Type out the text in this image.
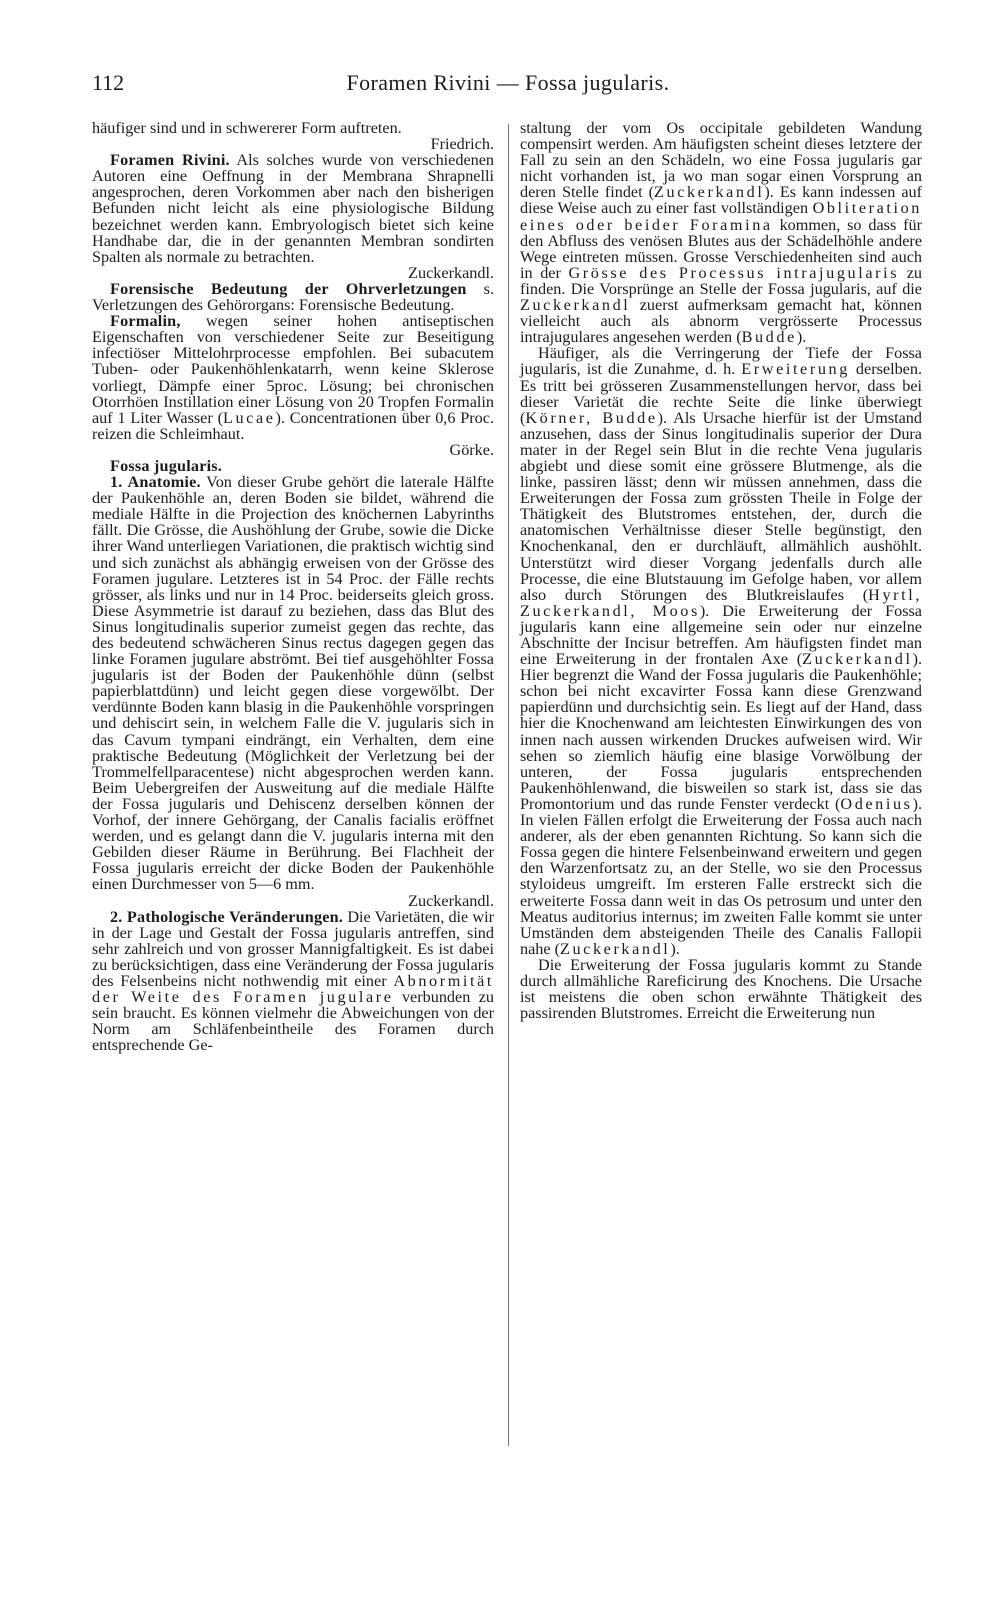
112	Foramen Rivini — Fossa jugularis.

häufiger sind und in schwererer Form auftreten.

Friedrich.

Foramen Rivini. Als solches wurde von verschiedenen Autoren eine Oeffnung in der Membrana Shrapnelli angesprochen, deren Vorkommen aber nach den bisherigen Befunden nicht leicht als eine physiologische Bildung bezeichnet werden kann. Embryologisch bietet sich keine Handhabe dar, die in der genannten Membran sondirten Spalten als normale zu betrachten.

Zuckerkandl.

Forensische Bedeutung der Ohrverletzungen s. Verletzungen des Gehörorgans: Forensische Bedeutung.

Formalin, wegen seiner hohen antiseptischen Eigenschaften von verschiedener Seite zur Beseitigung infectiöser Mittelohrprocesse empfohlen. Bei subacutem Tuben- oder Paukenhöhlenkatarrh, wenn keine Sklerose vorliegt, Dämpfe einer 5proc. Lösung; bei chronischen Otorrhöen Instillation einer Lösung von 20 Tropfen Formalin auf 1 Liter Wasser (Lucae). Concentrationen über 0,6 Proc. reizen die Schleimhaut.

Görke.

Fossa jugularis.

1. Anatomie. Von dieser Grube gehört die laterale Hälfte der Paukenhöhle an, deren Boden sie bildet, während die mediale Hälfte in die Projection des knöchernen Labyrinths fällt. Die Grösse, die Aushöhlung der Grube, sowie die Dicke ihrer Wand unterliegen Variationen, die praktisch wichtig sind und sich zunächst als abhängig erweisen von der Grösse des Foramen jugulare. Letzteres ist in 54 Proc. der Fälle rechts grösser, als links und nur in 14 Proc. beiderseits gleich gross. Diese Asymmetrie ist darauf zu beziehen, dass das Blut des Sinus longitudinalis superior zumeist gegen das rechte, das des bedeutend schwächeren Sinus rectus dagegen gegen das linke Foramen jugulare abströmt. Bei tief ausgehöhlter Fossa jugularis ist der Boden der Paukenhöhle dünn (selbst papierblattdünn) und leicht gegen diese vorgewölbt. Der verdünnte Boden kann blasig in die Paukenhöhle vorspringen und dehiscirt sein, in welchem Falle die V. jugularis sich in das Cavum tympani eindrängt, ein Verhalten, dem eine praktische Bedeutung (Möglichkeit der Verletzung bei der Trommelfellparacentese) nicht abgesprochen werden kann. Beim Uebergreifen der Ausweitung auf die mediale Hälfte der Fossa jugularis und Dehiscenz derselben können der Vorhof, der innere Gehörgang, der Canalis facialis eröffnet werden, und es gelangt dann die V. jugularis interna mit den Gebilden dieser Räume in Berührung. Bei Flachheit der Fossa jugularis erreicht der dicke Boden der Paukenhöhle einen Durchmesser von 5—6 mm.

Zuckerkandl.

2. Pathologische Veränderungen. Die Varietäten, die wir in der Lage und Gestalt der Fossa jugularis antreffen, sind sehr zahlreich und von grosser Mannigfaltigkeit. Es ist dabei zu berücksichtigen, dass eine Veränderung der Fossa jugularis des Felsenbeins nicht nothwendig mit einer Abnormität der Weite des Foramen jugulare verbunden zu sein braucht. Es können vielmehr die Abweichungen von der Norm am Schläfenbeintheile des Foramen durch entsprechende Ge-

staltung der vom Os occipitale gebildeten Wandung compensirt werden. Am häufigsten scheint dieses letztere der Fall zu sein an den Schädeln, wo eine Fossa jugularis gar nicht vorhanden ist, ja wo man sogar einen Vorsprung an deren Stelle findet (Zuckerkandl). Es kann indessen auf diese Weise auch zu einer fast vollständigen Obliteration eines oder beider Foramina kommen, so dass für den Abfluss des venösen Blutes aus der Schädelhöhle andere Wege eintreten müssen. Grosse Verschiedenheiten sind auch in der Grösse des Processus intrajugularis zu finden. Die Vorsprünge an Stelle der Fossa jugularis, auf die Zuckerkandl zuerst aufmerksam gemacht hat, können vielleicht auch als abnorm vergrösserte Processus intrajugulares angesehen werden (Budde).

Häufiger, als die Verringerung der Tiefe der Fossa jugularis, ist die Zunahme, d. h. Erweiterung derselben. Es tritt bei grösseren Zusammenstellungen hervor, dass bei dieser Varietät die rechte Seite die linke überwiegt (Körner, Budde). Als Ursache hierfür ist der Umstand anzusehen, dass der Sinus longitudinalis superior der Dura mater in der Regel sein Blut in die rechte Vena jugularis abgiebt und diese somit eine grössere Blutmenge, als die linke, passiren lässt; denn wir müssen annehmen, dass die Erweiterungen der Fossa zum grössten Theile in Folge der Thätigkeit des Blutstromes entstehen, der, durch die anatomischen Verhältnisse dieser Stelle begünstigt, den Knochenkanal, den er durchläuft, allmählich aushöhlt. Unterstützt wird dieser Vorgang jedenfalls durch alle Processe, die eine Blutstauung im Gefolge haben, vor allem also durch Störungen des Blutkreislaufes (Hyrtl, Zuckerkandl, Moos). Die Erweiterung der Fossa jugularis kann eine allgemeine sein oder nur einzelne Abschnitte der Incisur betreffen. Am häufigsten findet man eine Erweiterung in der frontalen Axe (Zuckerkandl). Hier begrenzt die Wand der Fossa jugularis die Paukenhöhle; schon bei nicht excavirter Fossa kann diese Grenzwand papierdünn und durchsichtig sein. Es liegt auf der Hand, dass hier die Knochenwand am leichtesten Einwirkungen des von innen nach aussen wirkenden Druckes aufweisen wird. Wir sehen so ziemlich häufig eine blasige Vorwölbung der unteren, der Fossa jugularis entsprechenden Paukenhöhlenwand, die bisweilen so stark ist, dass sie das Promontorium und das runde Fenster verdeckt (Odenius). In vielen Fällen erfolgt die Erweiterung der Fossa auch nach anderer, als der eben genannten Richtung. So kann sich die Fossa gegen die hintere Felsenbeinwand erweitern und gegen den Warzenfortsatz zu, an der Stelle, wo sie den Processus styloideus umgreift. Im ersteren Falle erstreckt sich die erweiterte Fossa dann weit in das Os petrosum und unter den Meatus auditorius internus; im zweiten Falle kommt sie unter Umständen dem absteigenden Theile des Canalis Fallopii nahe (Zuckerkandl).

Die Erweiterung der Fossa jugularis kommt zu Stande durch allmähliche Rareficirung des Knochens. Die Ursache ist meistens die oben schon erwähnte Thätigkeit des passirenden Blutstromes. Erreicht die Erweiterung nun
